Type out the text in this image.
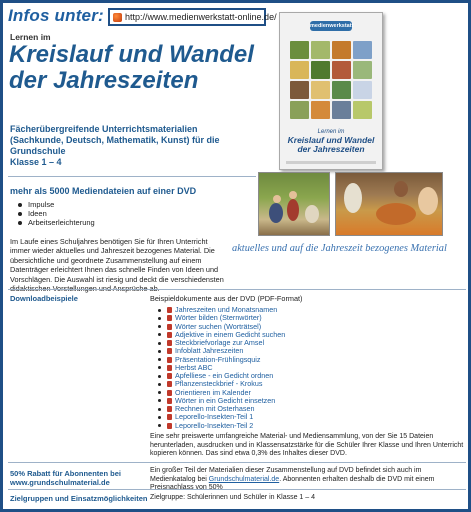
Infos unter: http://www.medienwerkstatt-online.de/
Lernen im
Kreislauf und Wandel der Jahreszeiten
Fächerübergreifende Unterrichtsmaterialien (Sachkunde, Deutsch, Mathematik, Kunst) für die Grundschule
Klasse 1 – 4
medienwerkstatt
Lernen im
Kreislauf und Wandel der Jahreszeiten
mehr als 5000 Mediendateien auf einer DVD
Impulse
Ideen
Arbeitserleichterung
Im Laufe eines Schuljahres benötigen Sie für Ihren Unterricht immer wieder aktuelles und Jahreszeit bezogenes Material. Die übersichtliche und geordnete Zusammenstellung auf einem Datenträger erleichtert Ihnen das schnelle Finden von Ideen und Vorschlägen. Die Auswahl ist riesig und deckt die verschiedensten didaktischen Vorstellungen und Ansprüche ab.
aktuelles und auf die Jahreszeit bezogenes Material
Downloadbeispiele	Beispieldokumente aus der DVD (PDF-Format)
Jahreszeiten und Monatsnamen
Wörter bilden (Sternwörter)
Wörter suchen (Worträtsel)
Adjektive in einem Gedicht suchen
Steckbriefvorlage zur Amsel
Infoblatt Jahreszeiten
Präsentation-Frühlingsquiz
Herbst ABC
Apfelliese - ein Gedicht ordnen
Pflanzensteckbrief - Krokus
Orientieren im Kalender
Wörter in ein Gedicht einsetzen
Rechnen mit Osterhasen
Leporello-Insekten-Teil 1
Leporello-Insekten-Teil 2
Eine sehr preiswerte umfangreiche Material- und Mediensammlung, von der Sie 15 Dateien herunterladen, ausdrucken und in Klassensatzstärke für die Schüler Ihrer Klasse und Ihren Unterricht kopieren können. Das sind etwa 0,3% des Inhaltes dieser DVD.
50% Rabatt für Abonnenten bei www.grundschulmaterial.de
Ein großer Teil der Materialien dieser Zusammenstellung auf DVD befindet sich auch im Medienkatalog bei Grundschulmaterial.de. Abonnenten erhalten deshalb die DVD mit einem Preisnachlass von 50%
Zielgruppen und Einsatzmöglichkeiten Zielgruppe: Schülerinnen und Schüler in Klasse 1 – 4
